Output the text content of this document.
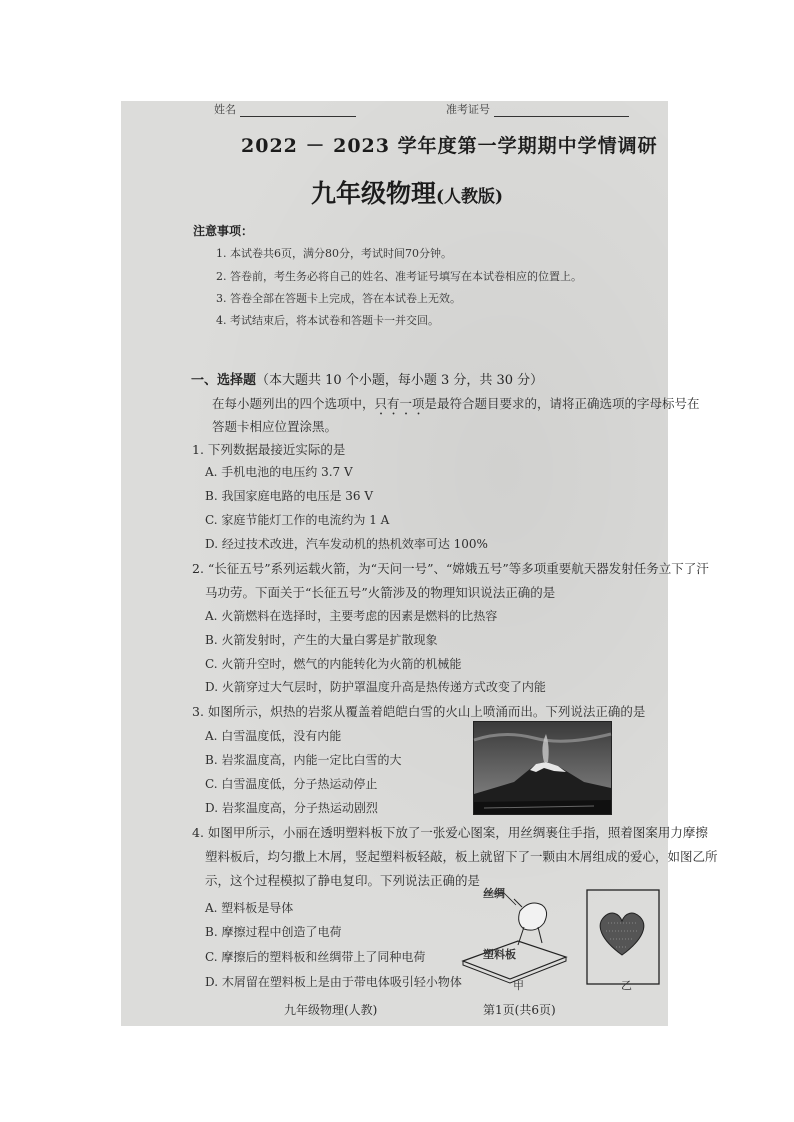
姓名	准考证号
2022 － 2023 学年度第一学期期中学情调研
九年级物理(人教版)
注意事项：
1. 本试卷共6页，满分80分，考试时间70分钟。
2. 答卷前，考生务必将自己的姓名、准考证号填写在本试卷相应的位置上。
3. 答卷全部在答题卡上完成，答在本试卷上无效。
4. 考试结束后，将本试卷和答题卡一并交回。
一、选择题（本大题共 10 个小题，每小题 3 分，共 30 分）
在每小题列出的四个选项中，只有一项是最符合题目要求的，请将正确选项的字母标号在
答题卡相应位置涂黑。
1. 下列数据最接近实际的是
A. 手机电池的电压约 3.7 V
B. 我国家庭电路的电压是 36 V
C. 家庭节能灯工作的电流约为 1 A
D. 经过技术改进，汽车发动机的热机效率可达 100%
2. “长征五号”系列运载火箭，为“天问一号”、“嫦娥五号”等多项重要航天器发射任务立下了汗
马功劳。下面关于“长征五号”火箭涉及的物理知识说法正确的是
A. 火箭燃料在选择时，主要考虑的因素是燃料的比热容
B. 火箭发射时，产生的大量白雾是扩散现象
C. 火箭升空时，燃气的内能转化为火箭的机械能
D. 火箭穿过大气层时，防护罩温度升高是热传递方式改变了内能
3. 如图所示，炽热的岩浆从覆盖着皑皑白雪的火山上喷涌而出。下列说法正确的是
A. 白雪温度低，没有内能
B. 岩浆温度高，内能一定比白雪的大
C. 白雪温度低，分子热运动停止
D. 岩浆温度高，分子热运动剧烈
4. 如图甲所示，小丽在透明塑料板下放了一张爱心图案，用丝绸裹住手指，照着图案用力摩擦
塑料板后，均匀撒上木屑，竖起塑料板轻敲，板上就留下了一颗由木屑组成的爱心，如图乙所
示，这个过程模拟了静电复印。下列说法正确的是
A. 塑料板是导体
B. 摩擦过程中创造了电荷
C. 摩擦后的塑料板和丝绸带上了同种电荷
D. 木屑留在塑料板上是由于带电体吸引轻小物体
丝绸
塑料板
甲	乙
九年级物理(人教)	第1页(共6页)
